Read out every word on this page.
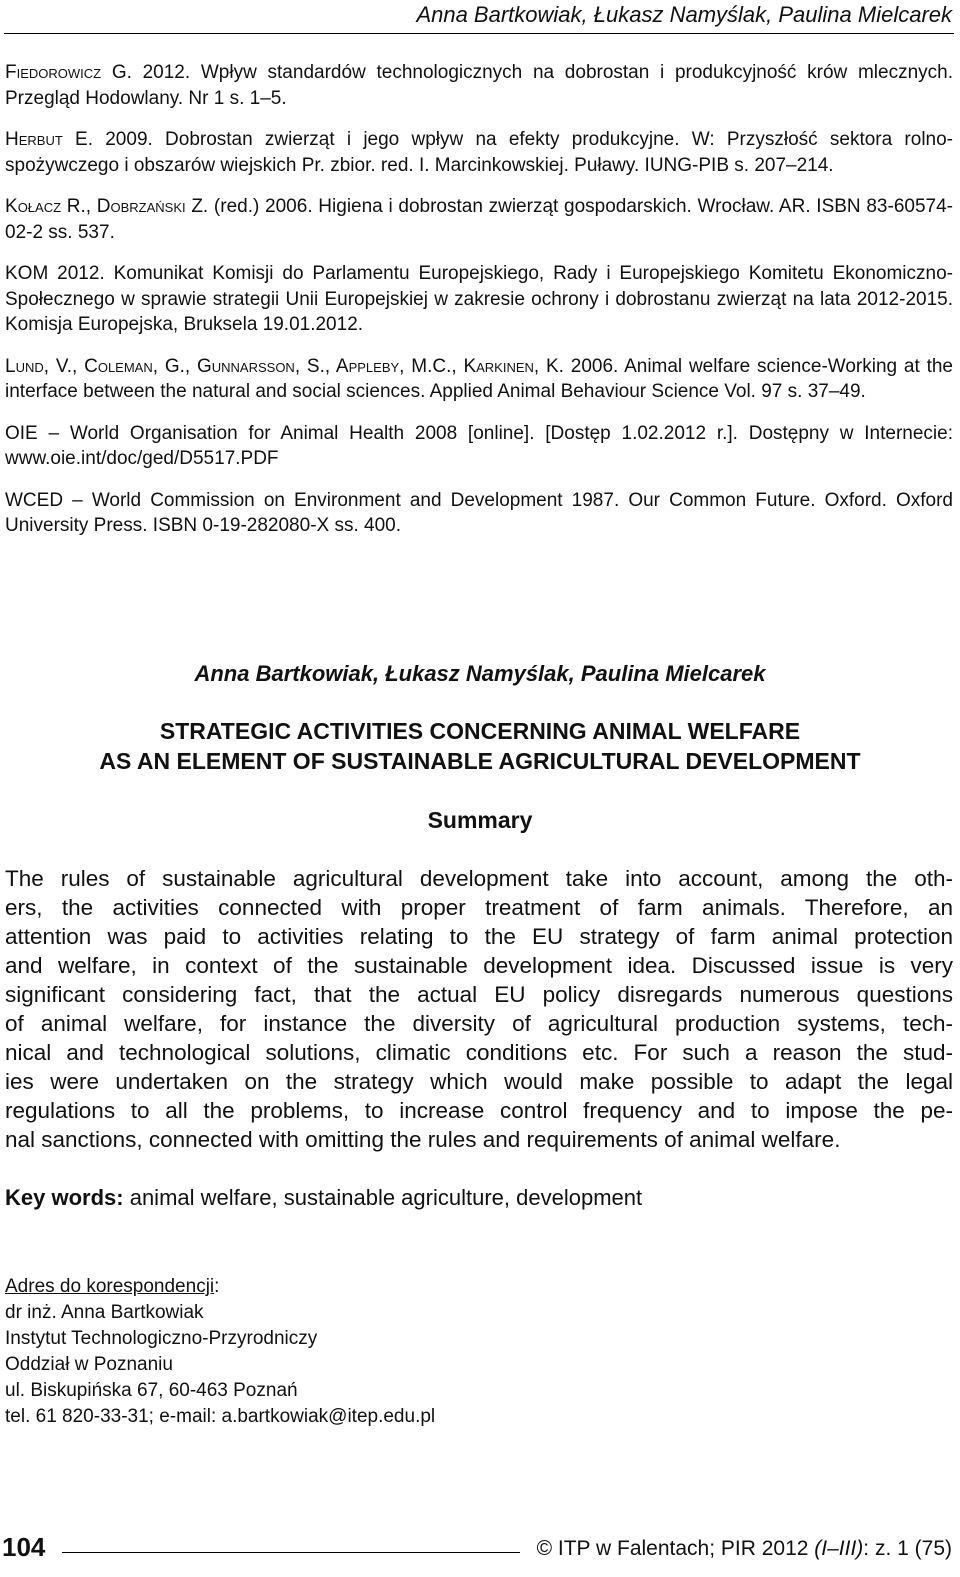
Anna Bartkowiak, Łukasz Namyślak, Paulina Mielcarek

Fiedorowicz G. 2012. Wpływ standardów technologicznych na dobrostan i produkcyjność krów mlecznych. Przegląd Hodowlany. Nr 1 s. 1–5.

Herbut E. 2009. Dobrostan zwierząt i jego wpływ na efekty produkcyjne. W: Przyszłość sektora rolno-spożywczego i obszarów wiejskich Pr. zbior. red. I. Marcinkowskiej. Puławy. IUNG-PIB s. 207–214.

Kołacz R., Dobrzański Z. (red.) 2006. Higiena i dobrostan zwierząt gospodarskich. Wrocław. AR. ISBN 83-60574-02-2 ss. 537.

KOM 2012. Komunikat Komisji do Parlamentu Europejskiego, Rady i Europejskiego Komitetu Ekonomiczno-Społecznego w sprawie strategii Unii Europejskiej w zakresie ochrony i dobrostanu zwierząt na lata 2012-2015. Komisja Europejska, Bruksela 19.01.2012.

Lund, V., Coleman, G., Gunnarsson, S., Appleby, M.C., Karkinen, K. 2006. Animal welfare science-Working at the interface between the natural and social sciences. Applied Animal Behaviour Science Vol. 97 s. 37–49.

OIE – World Organisation for Animal Health 2008 [online]. [Dostęp 1.02.2012 r.]. Dostępny w Internecie: www.oie.int/doc/ged/D5517.PDF

WCED – World Commission on Environment and Development 1987. Our Common Future. Oxford. Oxford University Press. ISBN 0-19-282080-X ss. 400.

Anna Bartkowiak, Łukasz Namyślak, Paulina Mielcarek
STRATEGIC ACTIVITIES CONCERNING ANIMAL WELFARE
AS AN ELEMENT OF SUSTAINABLE AGRICULTURAL DEVELOPMENT
Summary
The rules of sustainable agricultural development take into account, among the oth-
ers, the activities connected with proper treatment of farm animals. Therefore, an
attention was paid to activities relating to the EU strategy of farm animal protection
and welfare, in context of the sustainable development idea. Discussed issue is very
significant considering fact, that the actual EU policy disregards numerous questions
of animal welfare, for instance the diversity of agricultural production systems, tech-
nical and technological solutions, climatic conditions etc. For such a reason the stud-
ies were undertaken on the strategy which would make possible to adapt the legal
regulations to all the problems, to increase control frequency and to impose the pe-
nal sanctions, connected with omitting the rules and requirements of animal welfare.
Key words: animal welfare, sustainable agriculture, development
Adres do korespondencji:
dr inż. Anna Bartkowiak
Instytut Technologiczno-Przyrodniczy
Oddział w Poznaniu
ul. Biskupińska 67, 60-463 Poznań
tel. 61 820-33-31; e-mail: a.bartkowiak@itep.edu.pl
104	© ITP w Falentach; PIR 2012 (I–III): z. 1 (75)
